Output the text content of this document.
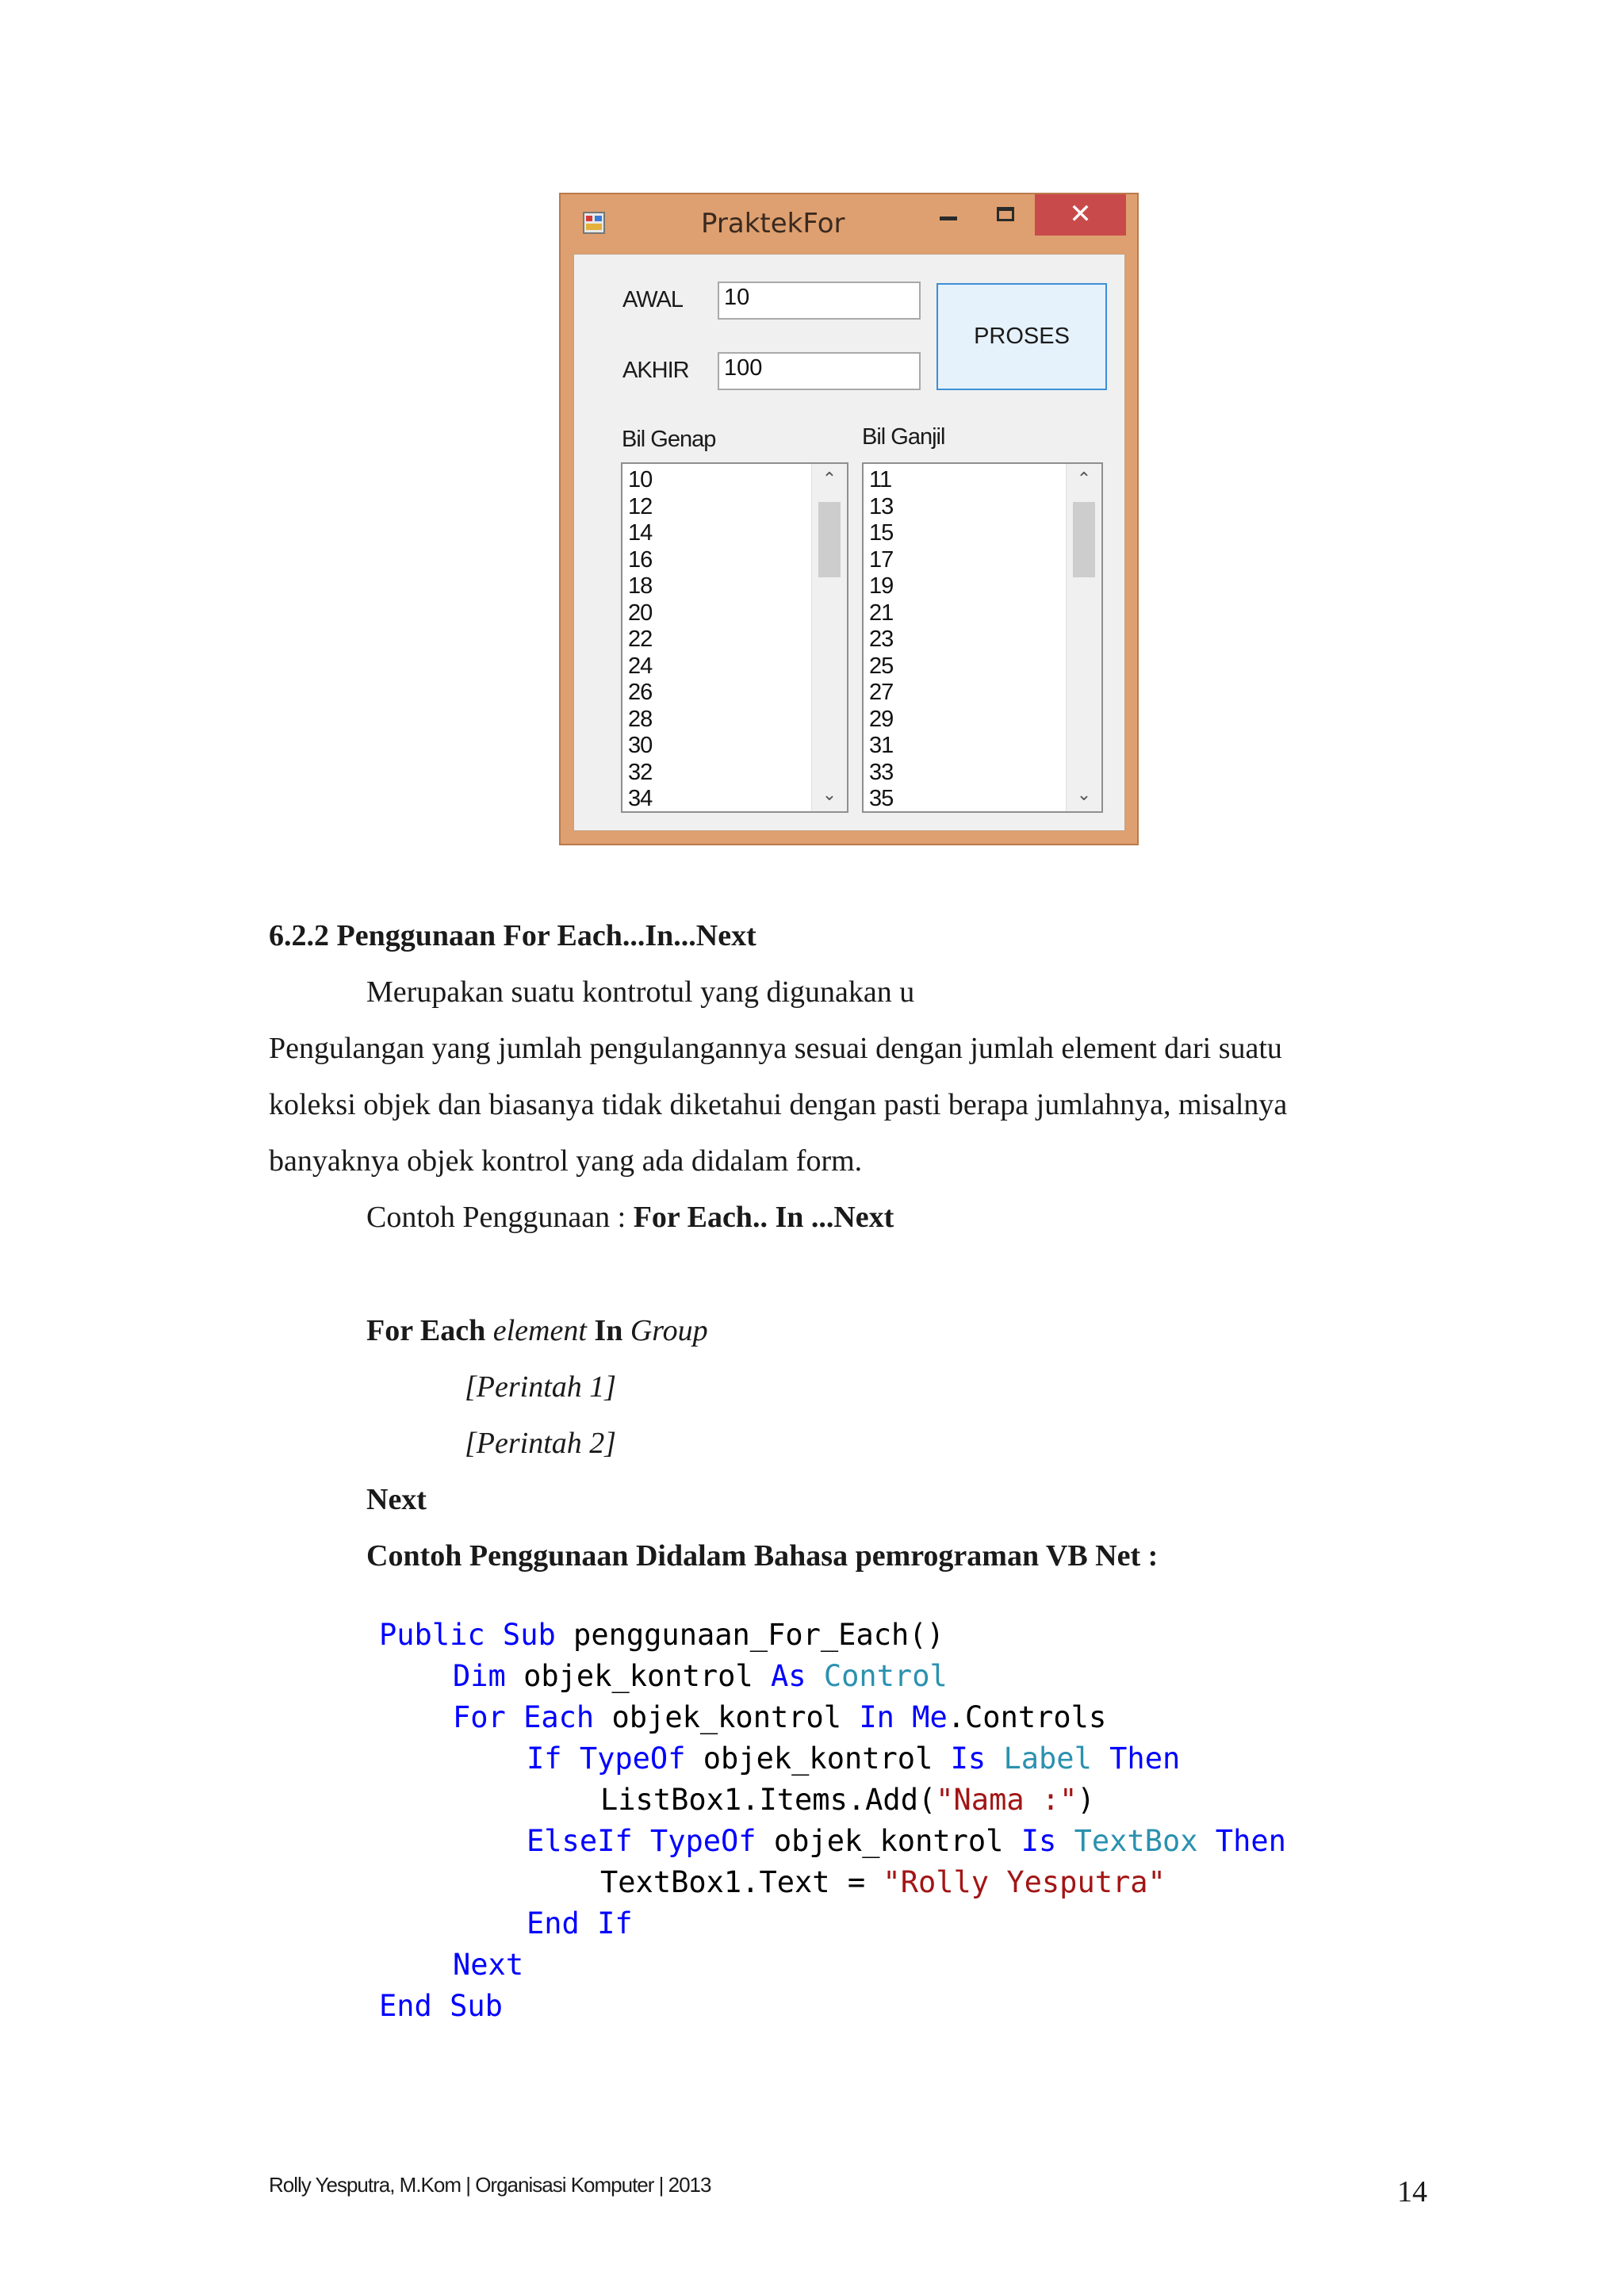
PraktekFor	✕
AWAL 10
AKHIR 100
PROSES
Bil Genap	Bil Ganjil
10
12
14
16
18
20
22
24
26
28
30
32
34
⌃
⌄
11
13
15
17
19
21
23
25
27
29
31
33
35
⌃
⌄
6.2.2 Penggunaan For Each...In...Next
Merupakan suatu kontrotul yang digunakan u
Pengulangan yang jumlah pengulangannya sesuai dengan jumlah element dari suatu
koleksi objek dan biasanya tidak diketahui dengan pasti berapa jumlahnya, misalnya
banyaknya objek kontrol yang ada didalam form.
Contoh Penggunaan : For Each.. In ...Next
For Each element In Group
[Perintah 1]
[Perintah 2]
Next
Contoh Penggunaan Didalam Bahasa pemrograman VB Net :
Public Sub penggunaan_For_Each()
Dim objek_kontrol As Control
For Each objek_kontrol In Me.Controls
If TypeOf objek_kontrol Is Label Then
ListBox1.Items.Add("Nama :")
ElseIf TypeOf objek_kontrol Is TextBox Then
TextBox1.Text = "Rolly Yesputra"
End If
Next
End Sub
Rolly Yesputra, M.Kom | Organisasi Komputer | 2013	14
